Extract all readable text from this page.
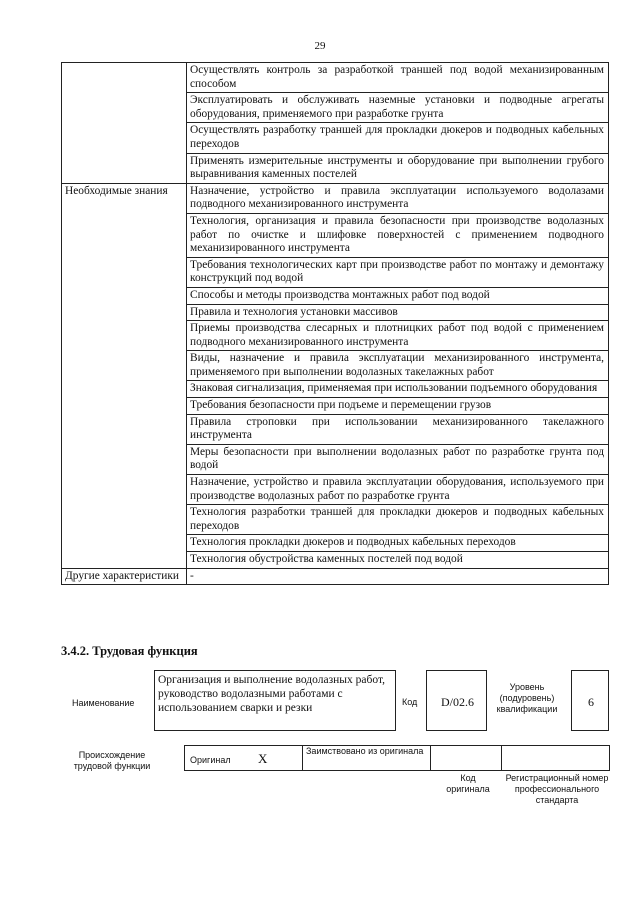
29
	Осуществлять контроль за разработкой траншей под водой механизированным способом
	Эксплуатировать и обслуживать наземные установки и подводные агрегаты оборудования, применяемого при разработке грунта
	Осуществлять разработку траншей для прокладки дюкеров и подводных кабельных переходов
	Применять измерительные инструменты и оборудование при выполнении грубого выравнивания каменных постелей
Необходимые знания	Назначение, устройство и правила эксплуатации используемого водолазами подводного механизированного инструмента
	Технология, организация и правила безопасности при производстве водолазных работ по очистке и шлифовке поверхностей с применением подводного механизированного инструмента
	Требования технологических карт при производстве работ по монтажу и демонтажу конструкций под водой
	Способы и методы производства монтажных работ под водой
	Правила и технология установки массивов
	Приемы производства слесарных и плотницких работ под водой с применением подводного механизированного инструмента
	Виды, назначение и правила эксплуатации механизированного инструмента, применяемого при выполнении водолазных такелажных работ
	Знаковая сигнализация, применяемая при использовании подъемного оборудования
	Требования безопасности при подъеме и перемещении грузов
	Правила строповки при использовании механизированного такелажного инструмента
	Меры безопасности при выполнении водолазных работ по разработке грунта под водой
	Назначение, устройство и правила эксплуатации оборудования, используемого при производстве водолазных работ по разработке грунта
	Технология разработки траншей для прокладки дюкеров и подводных кабельных переходов
	Технология прокладки дюкеров и подводных кабельных переходов
	Технология обустройства каменных постелей под водой
Другие характеристики	-
3.4.2. Трудовая функция
Наименование
Организация и выполнение водолазных работ, руководство водолазными работами с использованием сварки и резки	Код	D/02.6
Уровень (подуровень) квалификации	6
Происхождение трудовой функции
Оригинал X	Заимствовано из оригинала
Код оригинала
Регистрационный номер профессионального стандарта
